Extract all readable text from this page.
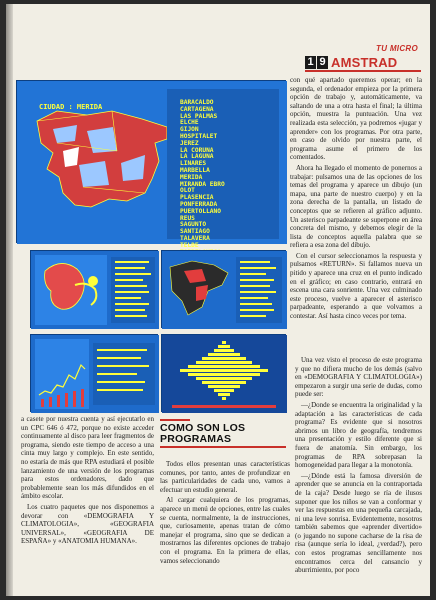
TU MICRO
1 9 AMSTRAD
CIUDAD : MERIDA
BARACALDO
CARTAGENA
LAS PALMAS
ELCHE
GIJON
HOSPITALET
JEREZ
LA CORUNA
LA LAGUNA
LINARES
MARBELLA
MERIDA
MIRANDA EBRO
OLOT
PLASENCIA
PONFERRADA
PUERTOLLANO
REUS
SAGUNTO
SANTIAGO
TALAVERA
TELDE

con qué apartado queremos operar; en la segunda, el ordenador empieza por la primera opción de trabajo y, automáticamente, va saltando de una a otra hasta el final; la última opción, muestra la puntuación. Una vez realizada esta selección, ya podremos «jugar y aprender» con los programas. Por otra parte, en caso de olvido por nuestra parte, el programa asume el primero de los comentados.

Ahora ha llegado el momento de ponernos a trabajar: pulsamos una de las opciones de los temas del programa y aparece un dibujo (un mapa, una parte de nuestro cuerpo) y en la zona derecha de la pantalla, un listado de conceptos que se refieren al gráfico adjunto. Un asterisco parpadeante se superpone en área concreta del mismo, y debemos elegir de la lista de conceptos aquella palabra que se refiera a esa zona del dibujo.

Con el cursor seleccionamos la respuesta y pulsamos «RETURN». Si fallamos nueva un pitido y aparece una cruz en el punto indicado en el gráfico; en caso contrario, entrará en escena una cara sonriente. Una vez culminado este proceso, vuelve a aparecer el asterisco parpadeante, esperando a que volvamos a contestar. Así hasta cinco veces por tema.

Una vez visto el proceso de este programa y que no difiera mucho de los demás (salvo en «DEMOGRAFIA Y CLIMATOLOGIA») empezaron a surgir una serie de dudas, como puede ser:

—¿Donde se encuentra la originalidad y la adaptación a las características de cada programa? Es evidente que si nosotros abrimos un libro de geografía, tendremos una presentación y estilo diferente que si fuera de anatomía. Sin embargo, los programas de RPA sobrepasan la homogeneidad para llegar a la monotonía.

—¿Dónde está la famosa diversión de aprender que se anuncia en la contraportada de la caja? Desde luego se ría de ilusos suponer que los niños se van a conformar y ver las respuestas en una pequeña carcajada, ni una leve sonrisa. Evidentemente, nosotros también sabemos que «aprender divertido» (o jugando no supone cacharse de la risa de risa (aunque sería lo ideal, ¿verdad?), pero con estos programas sencillamente nos encontramos cerca del cansancio y aburrimiento, por poco

a casete por nuestra cuenta y así ejecutarlo en un CPC 646 ó 472, porque no existe acceder continuamente al disco para leer fragmentos de programa, siendo este tiempo de acceso a una cinta muy largo y complejo. En este sentido, no estaría de más que RPA estudiará el posible lanzamiento de una versión de los programas para estos ordenadores, dado que probablemente sean los más difundidos en el ámbito escolar.

Los cuatro paquetes que nos disponemos a devorar con «DEMOGRAFIA Y CLIMATOLOGIA», «GEOGRAFIA UNIVERSAL», «GEOGRAFIA DE ESPAÑA» y «ANATOMIA HUMANA».

COMO SON LOS
PROGRAMAS

Todos ellos presentan unas características comunes, por tanto, antes de profundizar en las particularidades de cada uno, vamos a efectuar un estudio general.

Al cargar cualquiera de los programas, aparece un menú de opciones, entre las cuales se cuenta, normalmente, la de instrucciones, que, curiosamente, apenas tratan de cómo manejar el programa, sino que se dedican a mostrarnos las diferentes opciones de trabajo con el programa. En la primera de ellas, vamos seleccionando
